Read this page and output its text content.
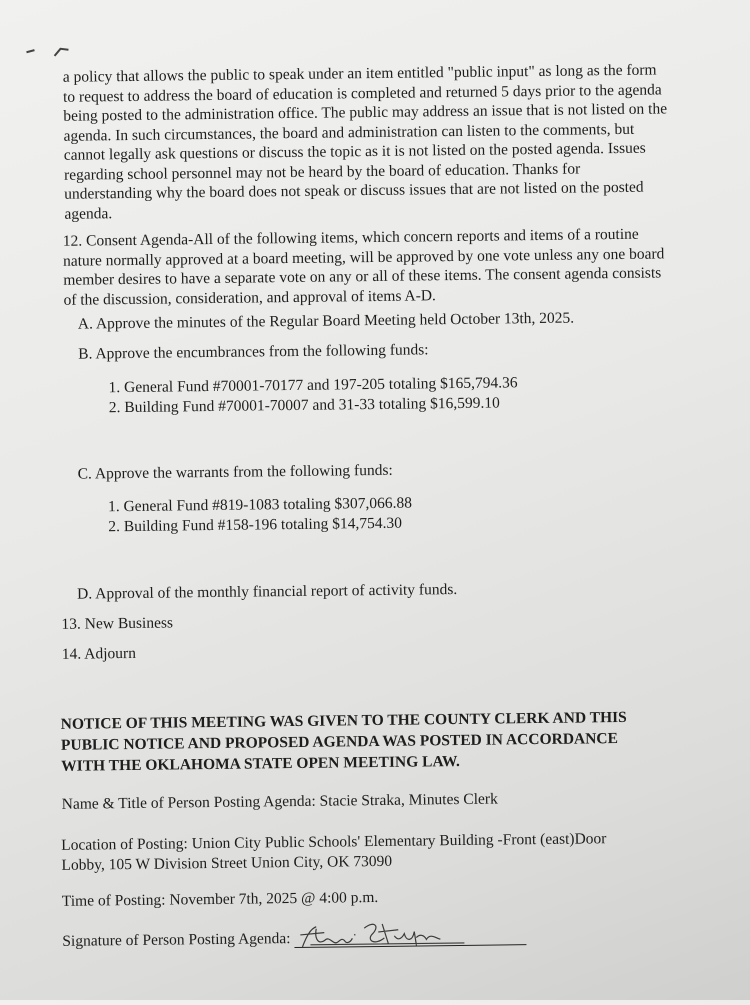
a policy that allows the public to speak under an item entitled "public input" as long as the form
to request to address the board of education is completed and returned 5 days prior to the agenda
being posted to the administration office. The public may address an issue that is not listed on the
agenda. In such circumstances, the board and administration can listen to the comments, but
cannot legally ask questions or discuss the topic as it is not listed on the posted agenda. Issues
regarding school personnel may not be heard by the board of education. Thanks for
understanding why the board does not speak or discuss issues that are not listed on the posted
agenda.
12. Consent Agenda-All of the following items, which concern reports and items of a routine
nature normally approved at a board meeting, will be approved by one vote unless any one board
member desires to have a separate vote on any or all of these items. The consent agenda consists
of the discussion, consideration, and approval of items A-D.
A. Approve the minutes of the Regular Board Meeting held October 13th, 2025.
B. Approve the encumbrances from the following funds:
1. General Fund #70001-70177 and 197-205 totaling $165,794.36
2. Building Fund #70001-70007 and 31-33 totaling $16,599.10
C. Approve the warrants from the following funds:
1. General Fund #819-1083 totaling $307,066.88
2. Building Fund #158-196 totaling $14,754.30
D. Approval of the monthly financial report of activity funds.
13. New Business
14. Adjourn
NOTICE OF THIS MEETING WAS GIVEN TO THE COUNTY CLERK AND THIS
PUBLIC NOTICE AND PROPOSED AGENDA WAS POSTED IN ACCORDANCE
WITH THE OKLAHOMA STATE OPEN MEETING LAW.
Name & Title of Person Posting Agenda: Stacie Straka, Minutes Clerk
Location of Posting: Union City Public Schools' Elementary Building -Front (east)Door
Lobby, 105 W Division Street Union City, OK 73090
Time of Posting: November 7th, 2025 @ 4:00 p.m.
Signature of Person Posting Agenda:
